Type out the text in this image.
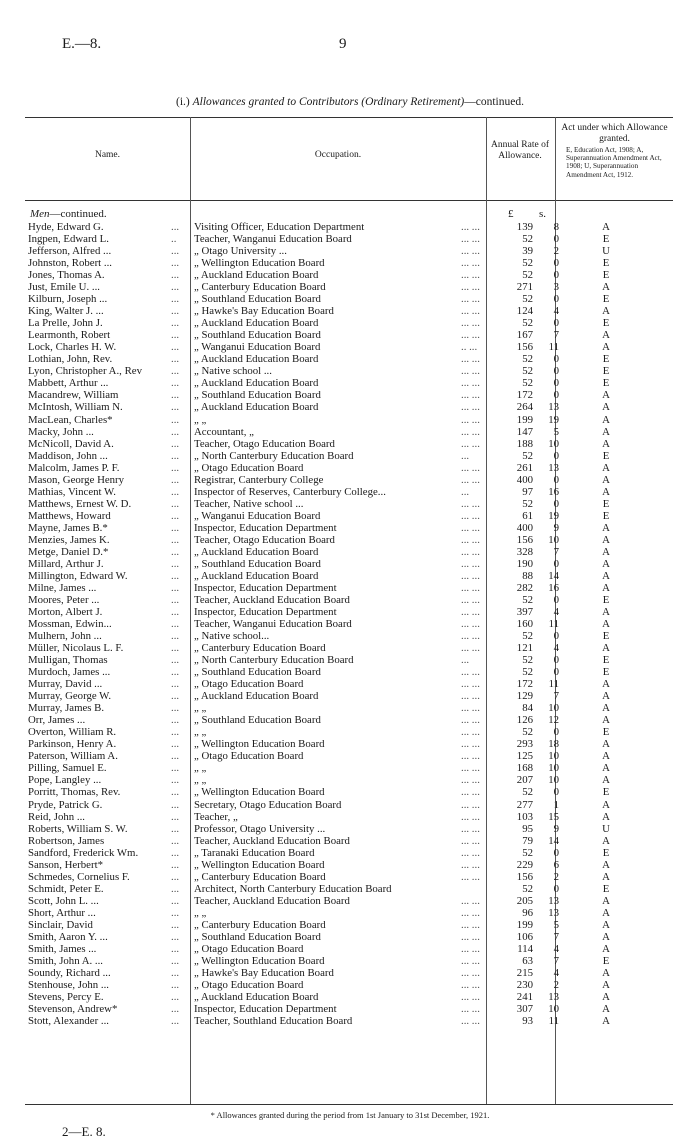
E.—8.	9
(i.) Allowances granted to Contributors (Ordinary Retirement)—continued.
Name.	Occupation.
Annual Rate of Allowance.
Act under which Allowance granted.
E, Education Act, 1908; A, Superannuation Amendment Act, 1908; U, Superannuation Amendment Act, 1912.
Men—continued.	£ s.
Hyde, Edward G.	... Visiting Officer, Education Department	... ...	139	8	A
Ingpen, Edward L.	.. Teacher, Wanganui Education Board	... ...	52	0	E
Jefferson, Alfred ...	... „ Otago University ...	... ...	39	2	U
Johnston, Robert ...	... „ Wellington Education Board	... ...	52	0	E
Jones, Thomas A.	... „ Auckland Education Board	... ...	52	0	E
Just, Emile U. ...	... „ Canterbury Education Board	... ...	271	3	A
Kilburn, Joseph ...	... „ Southland Education Board	... ...	52	0	E
King, Walter J. ...	... „ Hawke's Bay Education Board	... ...	124	4	A
La Prelle, John J.	... „ Auckland Education Board	... ...	52	0	E
Learmonth, Robert	... „ Southland Education Board	... ...	167	7	A
Lock, Charles H. W.	... „ Wanganui Education Board	.. ...	156	11	A
Lothian, John, Rev.	... „ Auckland Education Board	... ...	52	0	E
Lyon, Christopher A., Rev	... „ Native school ...	... ...	52	0	E
Mabbett, Arthur ...	... „ Auckland Education Board	... ...	52	0	E
Macandrew, William	... „ Southland Education Board	... ...	172	0	A
McIntosh, William N.	... „ Auckland Education Board	... ...	264	13	A
MacLean, Charles*	... „ „	... ...	199	19	A
Macky, John ...	... Accountant, „	... ...	147	5	A
McNicoll, David A.	... Teacher, Otago Education Board	... ...	188	10	A
Maddison, John ...	... „ North Canterbury Education Board	...	52	0	E
Malcolm, James P. F.	... „ Otago Education Board	... ...	261	13	A
Mason, George Henry	... Registrar, Canterbury College	... ...	400	0	A
Mathias, Vincent W.	... Inspector of Reserves, Canterbury College...	...	97	16	A
Matthews, Ernest W. D.	... Teacher, Native school ...	... ...	52	0	E
Matthews, Howard	... „ Wanganui Education Board	... ...	61	19	E
Mayne, James B.*	... Inspector, Education Department	... ...	400	9	A
Menzies, James K.	... Teacher, Otago Education Board	... ...	156	10	A
Metge, Daniel D.*	... „ Auckland Education Board	... ...	328	7	A
Millard, Arthur J.	... „ Southland Education Board	... ...	190	0	A
Millington, Edward W.	... „ Auckland Education Board	... ...	88	14	A
Milne, James ...	... Inspector, Education Department	... ...	282	16	A
Moores, Peter ...	... Teacher, Auckland Education Board	... ...	52	0	E
Morton, Albert J.	... Inspector, Education Department	... ...	397	4	A
Mossman, Edwin...	... Teacher, Wanganui Education Board	... ...	160	11	A
Mulhern, John ...	... „ Native school...	... ...	52	0	E
Müller, Nicolaus L. F.	... „ Canterbury Education Board	... ...	121	4	A
Mulligan, Thomas	... „ North Canterbury Education Board	...	52	0	E
Murdoch, James ...	... „ Southland Education Board	... ...	52	0	E
Murray, David ...	... „ Otago Education Board	... ...	172	11	A
Murray, George W.	... „ Auckland Education Board	... ...	129	7	A
Murray, James B.	... „ „	... ...	84	10	A
Orr, James ...	... „ Southland Education Board	... ...	126	12	A
Overton, William R.	... „ „	... ...	52	0	E
Parkinson, Henry A.	... „ Wellington Education Board	... ...	293	18	A
Paterson, William A.	... „ Otago Education Board	... ...	125	10	A
Pilling, Samuel E.	... „ „	... ...	168	10	A
Pope, Langley ...	... „ „	... ...	207	10	A
Porritt, Thomas, Rev.	... „ Wellington Education Board	... ...	52	0	E
Pryde, Patrick G.	... Secretary, Otago Education Board	... ...	277	1	A
Reid, John ...	... Teacher, „	... ...	103	15	A
Roberts, William S. W.	... Professor, Otago University ...	... ...	95	9	U
Robertson, James	... Teacher, Auckland Education Board	... ...	79	14	A
Sandford, Frederick Wm.	... „ Taranaki Education Board	... ...	52	0	E
Sanson, Herbert*	... „ Wellington Education Board	... ...	229	6	A
Schmedes, Cornelius F.	... „ Canterbury Education Board	... ...	156	2	A
Schmidt, Peter E.	... Architect, North Canterbury Education Board	52	0	E
Scott, John L. ...	... Teacher, Auckland Education Board	... ...	205	13	A
Short, Arthur ...	... „ „	... ...	96	13	A
Sinclair, David	... „ Canterbury Education Board	... ...	199	5	A
Smith, Aaron Y. ...	... „ Southland Education Board	... ...	106	7	A
Smith, James ...	... „ Otago Education Board	... ...	114	4	A
Smith, John A. ...	... „ Wellington Education Board	... ...	63	7	E
Soundy, Richard ...	... „ Hawke's Bay Education Board	... ...	215	4	A
Stenhouse, John ...	... „ Otago Education Board	... ...	230	2	A
Stevens, Percy E.	... „ Auckland Education Board	... ...	241	13	A
Stevenson, Andrew*	... Inspector, Education Department	... ...	307	10	A
Stott, Alexander ...	... Teacher, Southland Education Board	... ...	93	11	A
* Allowances granted during the period from 1st January to 31st December, 1921.
2—E. 8.
